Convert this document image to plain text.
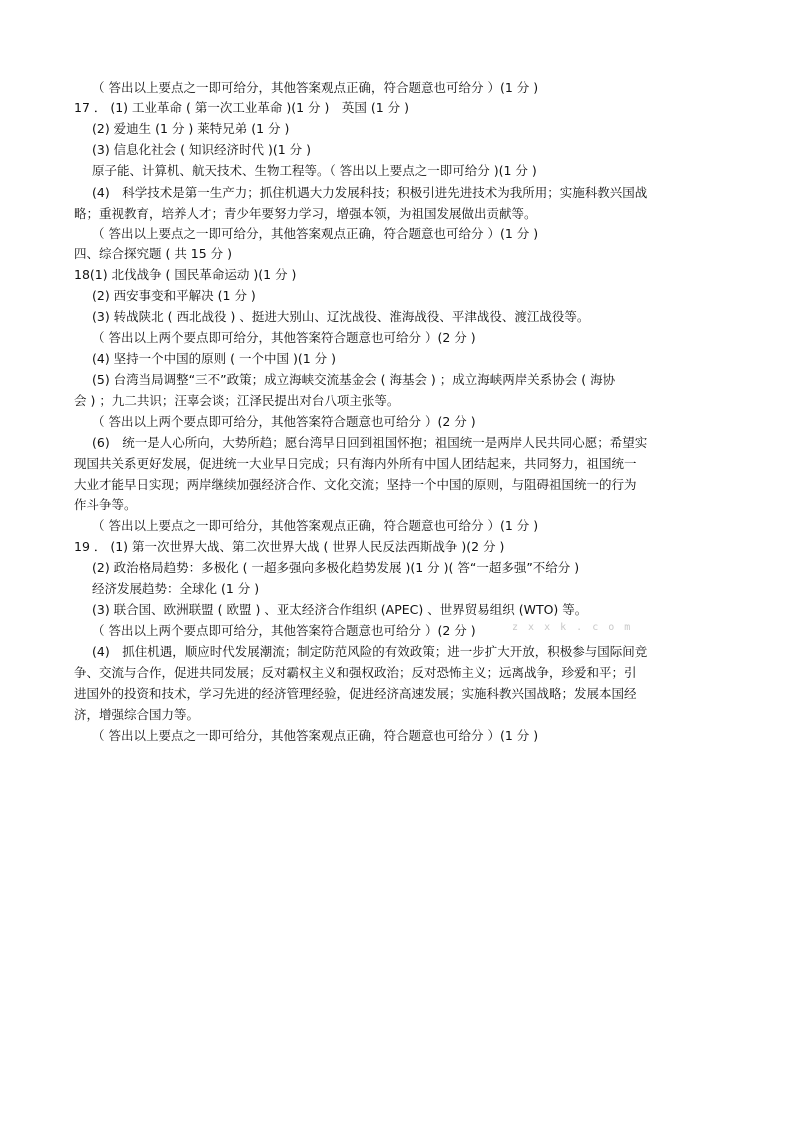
（ 答出以上要点之一即可给分，其他答案观点正确，符合题意也可给分 ）(1 分 )
17 ． (1) 工业革命 ( 第一次工业革命 )(1 分 )　英国 (1 分 )
(2) 爱迪生 (1 分 ) 莱特兄弟 (1 分 )
(3) 信息化社会 ( 知识经济时代 )(1 分 )
原子能、计算机、航天技术、生物工程等。（ 答出以上要点之一即可给分 )(1 分 )
(4)　科学技术是第一生产力；抓住机遇大力发展科技；积极引进先进技术为我所用；实施科教兴国战
略；重视教育，培养人才；青少年要努力学习，增强本领，为祖国发展做出贡献等。
（ 答出以上要点之一即可给分，其他答案观点正确，符合题意也可给分 ）(1 分 )
四、综合探究题 ( 共 15 分 )
18(1) 北伐战争 ( 国民革命运动 )(1 分 )
(2) 西安事变和平解决 (1 分 )
(3) 转战陕北 ( 西北战役 ) 、挺进大别山、辽沈战役、淮海战役、平津战役、渡江战役等。
（ 答出以上两个要点即可给分，其他答案符合题意也可给分 ）(2 分 )
(4) 坚持一个中国的原则 ( 一个中国 )(1 分 )
(5) 台湾当局调整“三不”政策；成立海峡交流基金会 ( 海基会 ) ；成立海峡两岸关系协会 ( 海协
会 ) ；九二共识；汪辜会谈；江泽民提出对台八项主张等。
（ 答出以上两个要点即可给分，其他答案符合题意也可给分 ）(2 分 )
(6)　统一是人心所向，大势所趋；愿台湾早日回到祖国怀抱；祖国统一是两岸人民共同心愿；希望实
现国共关系更好发展，促进统一大业早日完成；只有海内外所有中国人团结起来，共同努力，祖国统一
大业才能早日实现；两岸继续加强经济合作、文化交流；坚持一个中国的原则，与阻碍祖国统一的行为
作斗争等。
（ 答出以上要点之一即可给分，其他答案观点正确，符合题意也可给分 ）(1 分 )
19 ． (1) 第一次世界大战、第二次世界大战 ( 世界人民反法西斯战争 )(2 分 )
(2) 政治格局趋势：多极化 ( 一超多强向多极化趋势发展 )(1 分 )( 答“一超多强”不给分 )
经济发展趋势：全球化 (1 分 )
(3) 联合国、欧洲联盟 ( 欧盟 ) 、亚太经济合作组织 (APEC) 、世界贸易组织 (WTO) 等。
（ 答出以上两个要点即可给分，其他答案符合题意也可给分 ）(2 分 )
(4)　抓住机遇，顺应时代发展潮流；制定防范风险的有效政策；进一步扩大开放，积极参与国际间竞
争、交流与合作，促进共同发展；反对霸权主义和强权政治；反对恐怖主义；远离战争，珍爱和平；引
进国外的投资和技术，学习先进的经济管理经验，促进经济高速发展；实施科教兴国战略；发展本国经
济，增强综合国力等。
（ 答出以上要点之一即可给分，其他答案观点正确，符合题意也可给分 ）(1 分 )
z x x k . c o m
